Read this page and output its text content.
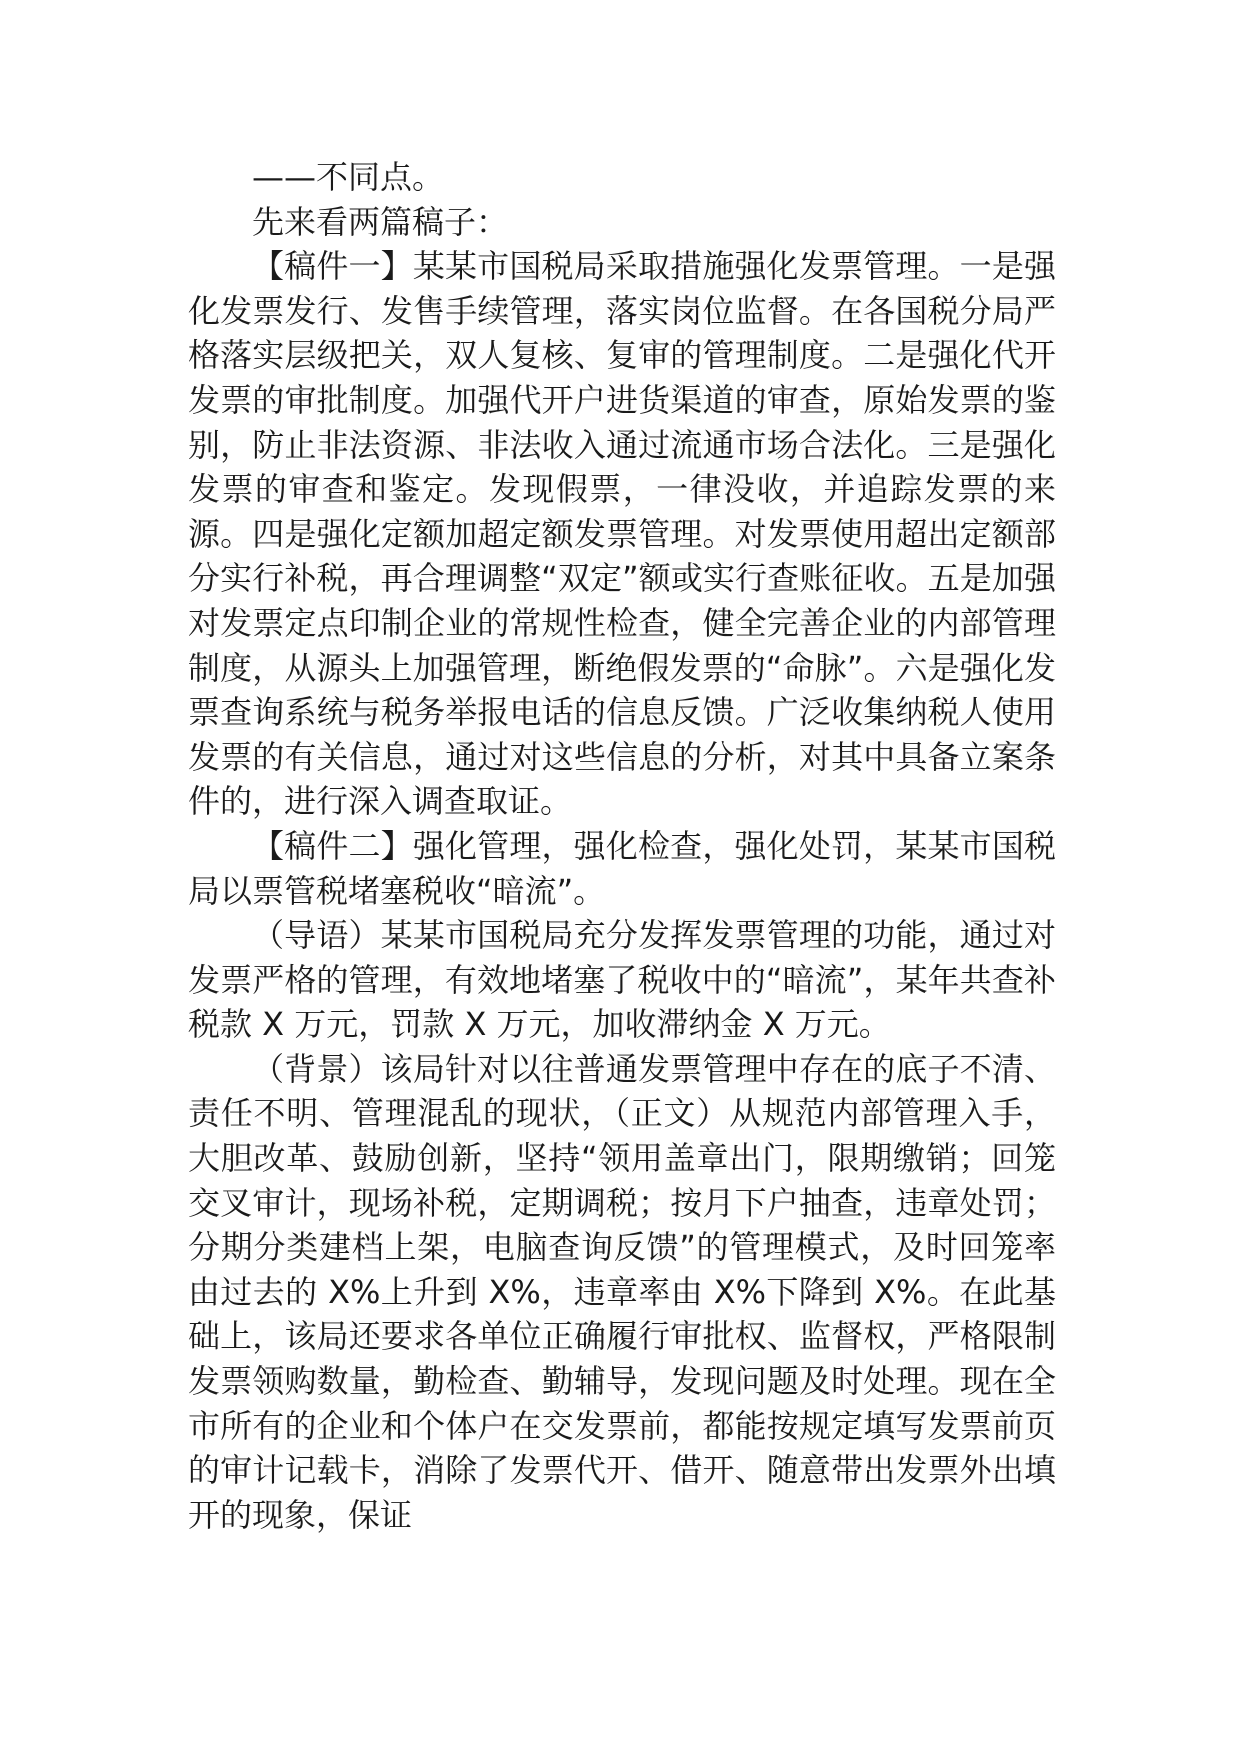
——不同点。

先来看两篇稿子：

【稿件一】某某市国税局采取措施强化发票管理。一是强化发票发行、发售手续管理，落实岗位监督。在各国税分局严格落实层级把关，双人复核、复审的管理制度。二是强化代开发票的审批制度。加强代开户进货渠道的审查，原始发票的鉴别，防止非法资源、非法收入通过流通市场合法化。三是强化发票的审查和鉴定。发现假票，一律没收，并追踪发票的来源。四是强化定额加超定额发票管理。对发票使用超出定额部分实行补税，再合理调整“双定”额或实行查账征收。五是加强对发票定点印制企业的常规性检查，健全完善企业的内部管理制度，从源头上加强管理，断绝假发票的“命脉”。六是强化发票查询系统与税务举报电话的信息反馈。广泛收集纳税人使用发票的有关信息，通过对这些信息的分析，对其中具备立案条件的，进行深入调查取证。

【稿件二】强化管理，强化检查，强化处罚，某某市国税局以票管税堵塞税收“暗流”。

（导语）某某市国税局充分发挥发票管理的功能，通过对发票严格的管理，有效地堵塞了税收中的“暗流”，某年共查补税款 X 万元，罚款 X 万元，加收滞纳金 X 万元。

（背景）该局针对以往普通发票管理中存在的底子不清、责任不明、管理混乱的现状，（正文）从规范内部管理入手，大胆改革、鼓励创新，坚持“领用盖章出门，限期缴销；回笼交叉审计，现场补税，定期调税；按月下户抽查，违章处罚；分期分类建档上架，电脑查询反馈”的管理模式，及时回笼率由过去的 X%上升到 X%，违章率由 X%下降到 X%。在此基础上，该局还要求各单位正确履行审批权、监督权，严格限制发票领购数量，勤检查、勤辅导，发现问题及时处理。现在全市所有的企业和个体户在交发票前，都能按规定填写发票前页的审计记载卡，消除了发票代开、借开、随意带出发票外出填开的现象，保证
